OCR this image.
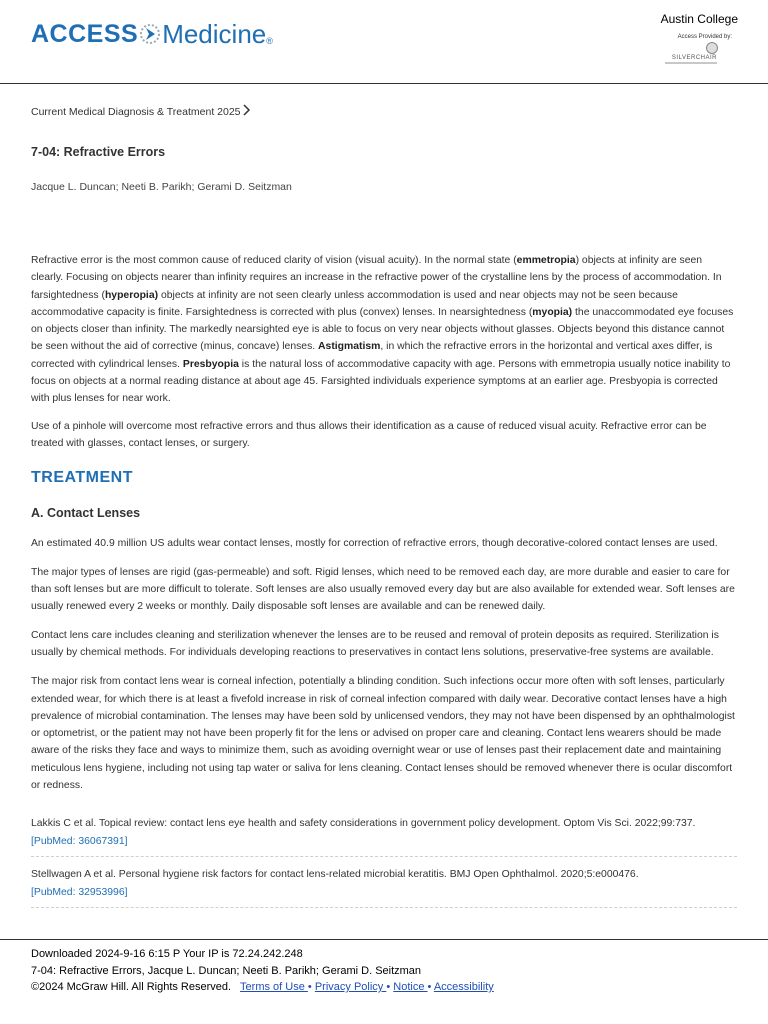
ACCESS Medicine ®
Austin College
Access Provided by:
SILVERCHAIR
Current Medical Diagnosis & Treatment 2025
7-04: Refractive Errors
Jacque L. Duncan; Neeti B. Parikh; Gerami D. Seitzman

Refractive error is the most common cause of reduced clarity of vision (visual acuity). In the normal state (emmetropia) objects at infinity are seen clearly. Focusing on objects nearer than infinity requires an increase in the refractive power of the crystalline lens by the process of accommodation. In farsightedness (hyperopia) objects at infinity are not seen clearly unless accommodation is used and near objects may not be seen because accommodative capacity is finite. Farsightedness is corrected with plus (convex) lenses. In nearsightedness (myopia) the unaccommodated eye focuses on objects closer than infinity. The markedly nearsighted eye is able to focus on very near objects without glasses. Objects beyond this distance cannot be seen without the aid of corrective (minus, concave) lenses. Astigmatism, in which the refractive errors in the horizontal and vertical axes differ, is corrected with cylindrical lenses. Presbyopia is the natural loss of accommodative capacity with age. Persons with emmetropia usually notice inability to focus on objects at a normal reading distance at about age 45. Farsighted individuals experience symptoms at an earlier age. Presbyopia is corrected with plus lenses for near work.

Use of a pinhole will overcome most refractive errors and thus allows their identification as a cause of reduced visual acuity. Refractive error can be treated with glasses, contact lenses, or surgery.

TREATMENT
A. Contact Lenses

An estimated 40.9 million US adults wear contact lenses, mostly for correction of refractive errors, though decorative-colored contact lenses are used.

The major types of lenses are rigid (gas-permeable) and soft. Rigid lenses, which need to be removed each day, are more durable and easier to care for than soft lenses but are more difficult to tolerate. Soft lenses are also usually removed every day but are also available for extended wear. Soft lenses are usually renewed every 2 weeks or monthly. Daily disposable soft lenses are available and can be renewed daily.

Contact lens care includes cleaning and sterilization whenever the lenses are to be reused and removal of protein deposits as required. Sterilization is usually by chemical methods. For individuals developing reactions to preservatives in contact lens solutions, preservative-free systems are available.

The major risk from contact lens wear is corneal infection, potentially a blinding condition. Such infections occur more often with soft lenses, particularly extended wear, for which there is at least a fivefold increase in risk of corneal infection compared with daily wear. Decorative contact lenses have a high prevalence of microbial contamination. The lenses may have been sold by unlicensed vendors, they may not have been dispensed by an ophthalmologist or optometrist, or the patient may not have been properly fit for the lens or advised on proper care and cleaning. Contact lens wearers should be made aware of the risks they face and ways to minimize them, such as avoiding overnight wear or use of lenses past their replacement date and maintaining meticulous lens hygiene, including not using tap water or saliva for lens cleaning. Contact lenses should be removed whenever there is ocular discomfort or redness.

Lakkis C et al. Topical review: contact lens eye health and safety considerations in government policy development. Optom Vis Sci. 2022;99:737.
[PubMed: 36067391]
Stellwagen A et al. Personal hygiene risk factors for contact lens-related microbial keratitis. BMJ Open Ophthalmol. 2020;5:e000476.
[PubMed: 32953996]
Downloaded 2024-9-16 6:15 P Your IP is 72.24.242.248
7-04: Refractive Errors, Jacque L. Duncan; Neeti B. Parikh; Gerami D. Seitzman
©2024 McGraw Hill. All Rights Reserved. Terms of Use • Privacy Policy • Notice • Accessibility
